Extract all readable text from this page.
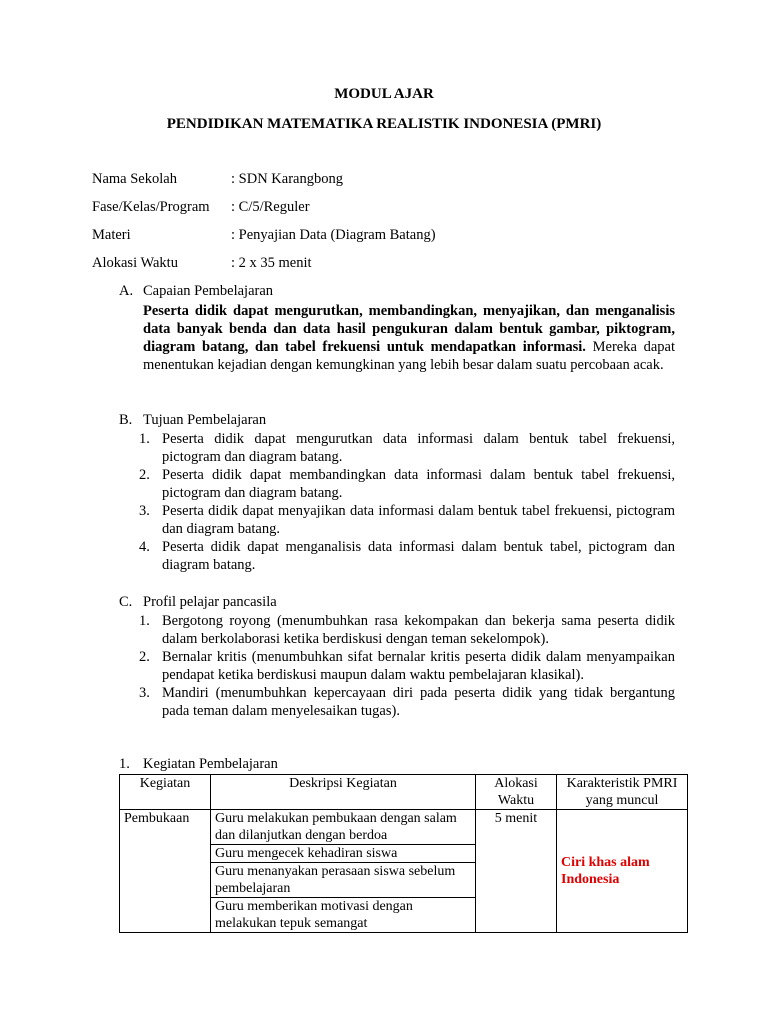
MODUL AJAR
PENDIDIKAN MATEMATIKA REALISTIK INDONESIA (PMRI)
Nama Sekolah	: SDN Karangbong
Fase/Kelas/Program : C/5/Reguler
Materi	: Penyajian Data (Diagram Batang)
Alokasi Waktu	: 2 x 35 menit
A. Capaian Pembelajaran
Peserta didik dapat mengurutkan, membandingkan, menyajikan, dan menganalisis data banyak benda dan data hasil pengukuran dalam bentuk gambar, piktogram, diagram batang, dan tabel frekuensi untuk mendapatkan informasi. Mereka dapat menentukan kejadian dengan kemungkinan yang lebih besar dalam suatu percobaan acak.
B. Tujuan Pembelajaran
1. Peserta didik dapat mengurutkan data informasi dalam bentuk tabel frekuensi, pictogram dan diagram batang.
2. Peserta didik dapat membandingkan data informasi dalam bentuk tabel frekuensi, pictogram dan diagram batang.
3. Peserta didik dapat menyajikan data informasi dalam bentuk tabel frekuensi, pictogram dan diagram batang.
4. Peserta didik dapat menganalisis data informasi dalam bentuk tabel, pictogram dan diagram batang.
C. Profil pelajar pancasila
1. Bergotong royong (menumbuhkan rasa kekompakan dan bekerja sama peserta didik dalam berkolaborasi ketika berdiskusi dengan teman sekelompok).
2. Bernalar kritis (menumbuhkan sifat bernalar kritis peserta didik dalam menyampaikan pendapat ketika berdiskusi maupun dalam waktu pembelajaran klasikal).
3. Mandiri (menumbuhkan kepercayaan diri pada peserta didik yang tidak bergantung pada teman dalam menyelesaikan tugas).
1. Kegiatan Pembelajaran
Kegiatan	Deskripsi Kegiatan	Alokasi Waktu	Karakteristik PMRI yang muncul
Pembukaan	Guru melakukan pembukaan dengan salam dan dilanjutkan dengan berdoa	5 menit	Ciri khas alam Indonesia
	Guru mengecek kehadiran siswa		
	Guru menanyakan perasaan siswa sebelum pembelajaran		
	Guru memberikan motivasi dengan melakukan tepuk semangat		
